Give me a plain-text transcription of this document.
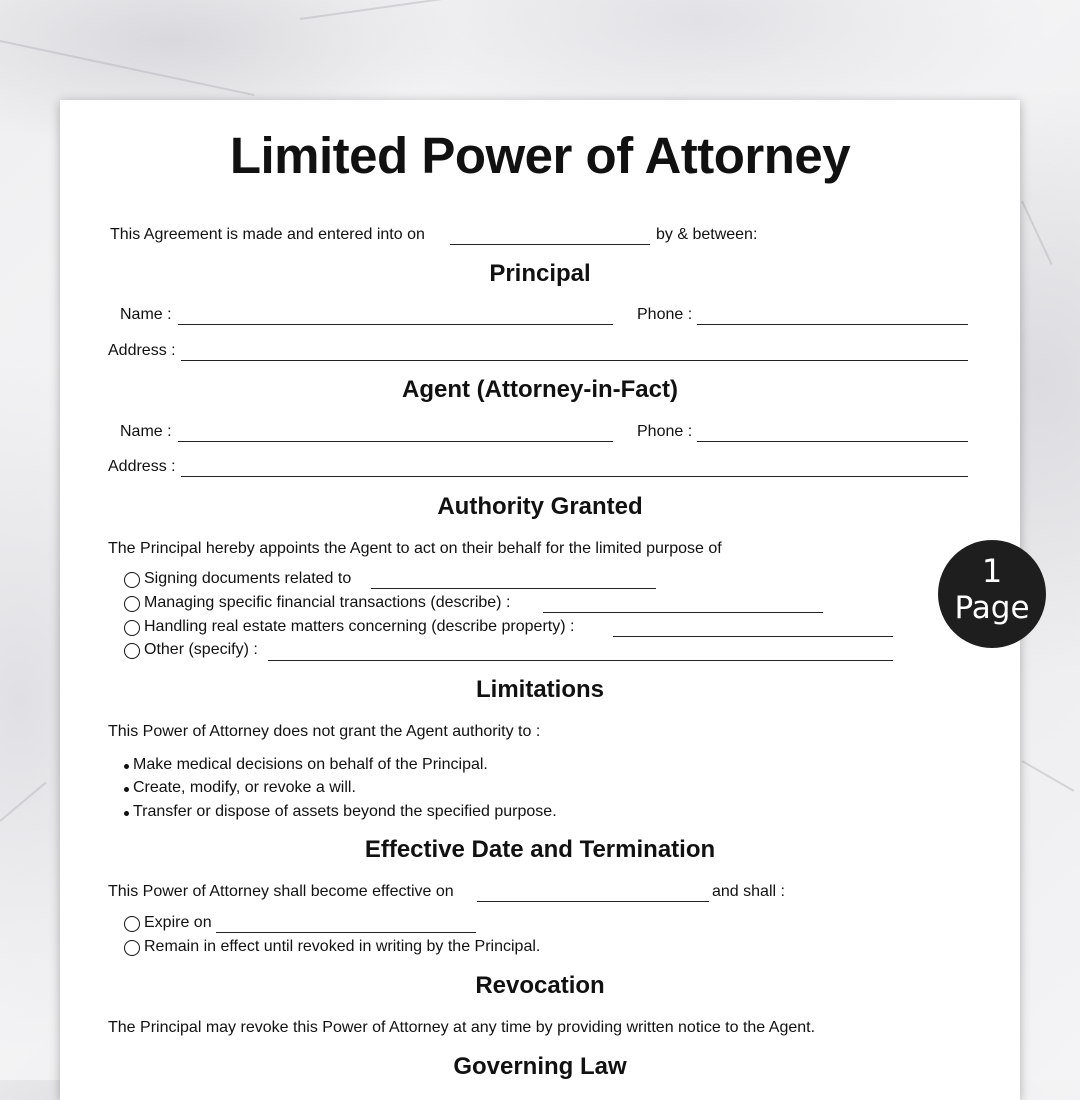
Limited Power of Attorney
This Agreement is made and entered into on	by & between:
Principal
Name :	Phone :
Address :
Agent (Attorney-in-Fact)
Name :	Phone :
Address :
Authority Granted
The Principal hereby appoints the Agent to act on their behalf for the limited purpose of
Signing documents related to
Managing specific financial transactions (describe) :
Handling real estate matters concerning (describe property) :
Other (specify) :
Limitations
This Power of Attorney does not grant the Agent authority to :
Make medical decisions on behalf of the Principal.
Create, modify, or revoke a will.
Transfer or dispose of assets beyond the specified purpose.
Effective Date and Termination
This Power of Attorney shall become effective on	and shall :
Expire on
Remain in effect until revoked in writing by the Principal.
Revocation
The Principal may revoke this Power of Attorney at any time by providing written notice to the Agent.
Governing Law
1
Page
